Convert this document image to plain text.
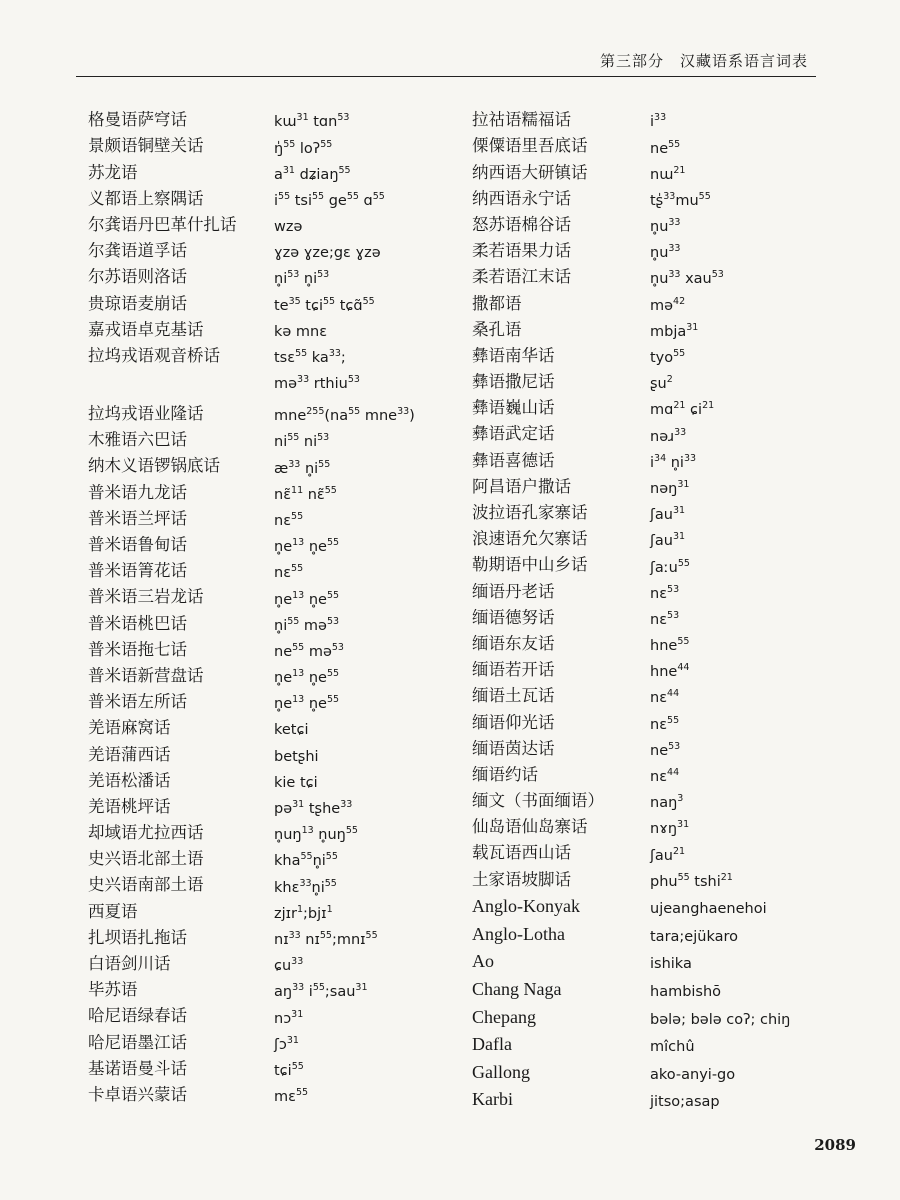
第三部分　汉藏语系语言词表
格曼语萨穹话	kɯ$^{31}$ tɑn$^{53}$
景颇语铜壁关话	ŋ̍$^{55}$ loʔ$^{55}$
苏龙语	$a^{31}$ dʑiaŋ$^{55}$
义都语上察隅话	$i^{55}$ tsi$^{55}$ $ge^{55}$ ɑ$^{55}$
尔龚语丹巴革什扎话	wzə
尔龚语道孚话	ɣzə ɣze;gɛ ɣzə
尔苏语则洛话	$n̥i^{53}$ $n̥i^{53}$
贵琼语麦崩话	$te^{35}$ tɕi$^{55}$ tɕɑ̃$^{55}$
嘉戎语卓克基话	kə mnɛ
拉坞戎语观音桥话	tsɛ$^{55}$ $ka^{33}$;
mə$^{33}$ rthiu$^{53}$
拉坞戎语业隆话	$mne^{255}(na^{55}$ mne$^{33}$)
木雅语六巴话	$ni^{55}$ $ni^{53}$
纳木义语锣锅底话	$æ^{33}$ $n̥i^{55}$
普米语九龙话	nɛ̃$^{11}$ nɛ̃$^{55}$
普米语兰坪话	nɛ$^{55}$
普米语鲁甸话	$n̥e^{13}$ $n̥e^{55}$
普米语箐花话	nɛ$^{55}$
普米语三岩龙话	$n̥e^{13}$ $n̥e^{55}$
普米语桃巴话	$n̥i^{55}$ mə$^{53}$
普米语拖七话	$ne^{55}$ mə$^{53}$
普米语新营盘话	$n̥e^{13}$ $n̥e^{55}$
普米语左所话	$n̥e^{13}$ $n̥e^{55}$
羌语麻窝话	ketɕi
羌语蒲西话	betʂhi
羌语松潘话	kie tɕi
羌语桃坪话	pə$^{31}$ tʂhe$^{33}$
却域语尤拉西话	$n̥uŋ^{13}$ $n̥uŋ^{55}$
史兴语北部土语	$kha^{55}n̥i^{55}$
史兴语南部土语	$khɛ^{33}n̥i^{55}$
西夏语	zjɪr$^1$;bjɪ$^1$
扎坝语扎拖话	nɪ$^{33}$ nɪ$^{55}$;mnɪ$^{55}$
白语剑川话	ɕu$^{33}$
毕苏语	$aŋ^{33}$ $i^{55};sau^{31}$
哈尼语绿春话	nɔ$^{31}$
哈尼语墨江话	ʃɔ$^{31}$
基诺语曼斗话	tɕi$^{55}$
卡卓语兴蒙话	mɛ$^{55}$
拉祜语糯福话	$i^{33}$
傈僳语里吾底话	$ne^{55}$
纳西语大研镇话	nɯ$^{21}$
纳西语永宁话	$tʂ̍^{33}mu^{55}$
怒苏语棉谷话	$n̥u^{33}$
柔若语果力话	$n̥u^{33}$
柔若语江末话	$n̥u^{33}$ xau$^{53}$
撒都语	mə$^{42}$
桑孔语	mbja$^{31}$
彝语南华话	tyo$^{55}$
彝语撒尼话	ʂu$^2$
彝语巍山话	mɑ$^{21}$ ɕi$^{21}$
彝语武定话	nəɹ$^{33}$
彝语喜德话	$i^{34}$ $n̥i^{33}$
阿昌语户撒话	nəŋ$^{31}$
波拉语孔家寨话	ʃau$^{31}$
浪速语允欠寨话	ʃau$^{31}$
勒期语中山乡话	ʃaːu$^{55}$
缅语丹老话	nɛ$^{53}$
缅语德努话	nɛ$^{53}$
缅语东友话	hne$^{55}$
缅语若开话	hne$^{44}$
缅语土瓦话	nɛ$^{44}$
缅语仰光话	nɛ$^{55}$
缅语茵达话	$ne^{53}$
缅语约话	nɛ$^{44}$
缅文（书面缅语）	naŋ$^3$
仙岛语仙岛寨话	nɤŋ$^{31}$
载瓦语西山话	ʃau$^{21}$
土家语坡脚话	phu$^{55}$ tshi$^{21}$
Anglo-Konyak	ujeanghaenehoi
Anglo-Lotha	tara;ejükaro
Ao	ishika
Chang Naga	hambishō
Chepang	bələ; bələ coʔ; chiŋ
Dafla	mîchû
Gallong	ako-anyi-go
Karbi	jitso;asap
2089
